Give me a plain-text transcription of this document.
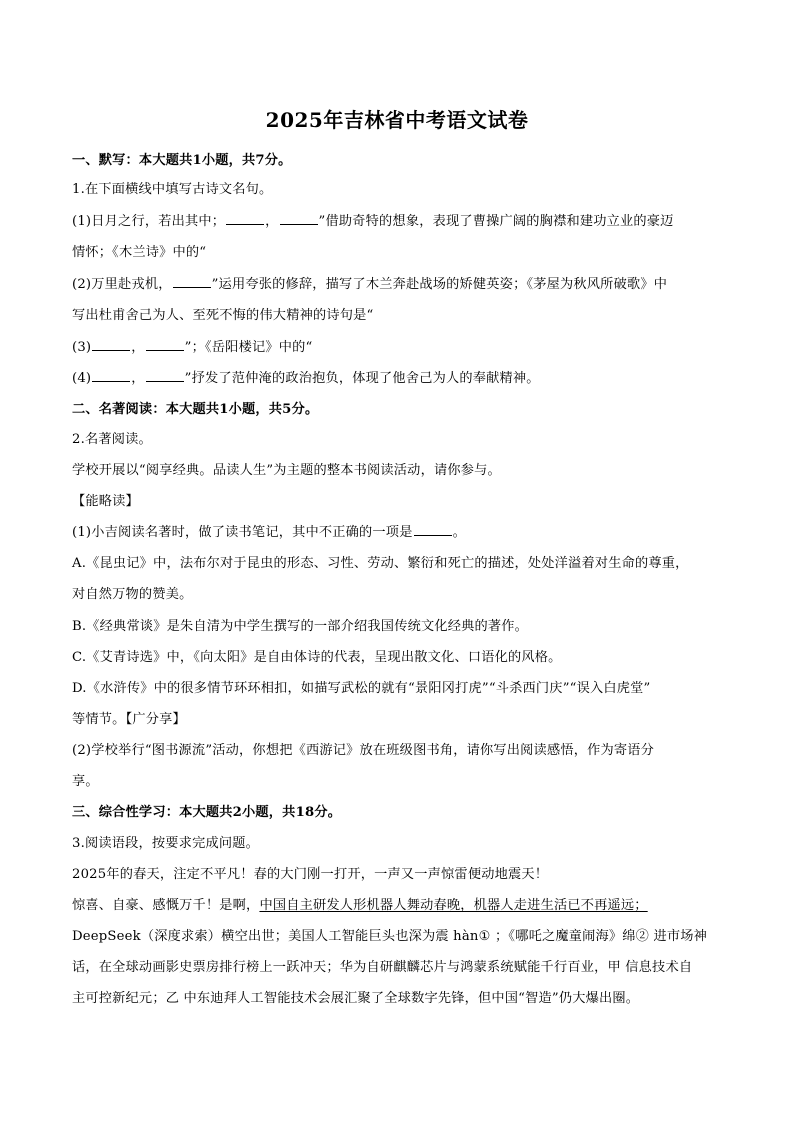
2025年吉林省中考语文试卷
一、默写：本大题共1小题，共7分。
1.在下面横线中填写古诗文名句。
(1)日月之行，若出其中；	，	”借助奇特的想象，表现了曹操广阔的胸襟和建功立业的豪迈
情怀；《木兰诗》中的“
(2)万里赴戎机，	”运用夸张的修辞，描写了木兰奔赴战场的矫健英姿；《茅屋为秋风所破歌》中
写出杜甫舍己为人、至死不悔的伟大精神的诗句是“
(3)	，	”；《岳阳楼记》中的“
(4)	，	”抒发了范仲淹的政治抱负，体现了他舍己为人的奉献精神。
二、名著阅读：本大题共1小题，共5分。
2.名著阅读。
学校开展以“阅享经典。品读人生”为主题的整本书阅读活动，请你参与。
【能略读】
(1)小吉阅读名著时，做了读书笔记，其中不正确的一项是	。
A.《昆虫记》中，法布尔对于昆虫的形态、习性、劳动、繁衍和死亡的描述，处处洋溢着对生命的尊重，
对自然万物的赞美。
B.《经典常谈》是朱自清为中学生撰写的一部介绍我国传统文化经典的著作。
C.《艾青诗选》中，《向太阳》是自由体诗的代表，呈现出散文化、口语化的风格。
D.《水浒传》中的很多情节环环相扣，如描写武松的就有“景阳冈打虎”“斗杀西门庆”“误入白虎堂”
等情节。【广分享】
(2)学校举行“图书源流”活动，你想把《西游记》放在班级图书角，请你写出阅读感悟，作为寄语分
享。
三、综合性学习：本大题共2小题，共18分。
3.阅读语段，按要求完成问题。
2025年的春天，注定不平凡！春的大门刚一打开，一声又一声惊雷便动地震天！
惊喜、自豪、感慨万千！是啊，中国自主研发人形机器人舞动春晚，机器人走进生活已不再遥远；
DeepSeek（深度求索）横空出世；美国人工智能巨头也深为震 hàn① ；《哪吒之魔童闹海》绵② 进市场神
话，在全球动画影史票房排行榜上一跃冲天；华为自研麒麟芯片与鸿蒙系统赋能千行百业，甲 信息技术自
主可控新纪元；乙 中东迪拜人工智能技术会展汇聚了全球数字先锋，但中国“智造”仍大爆出圈。
